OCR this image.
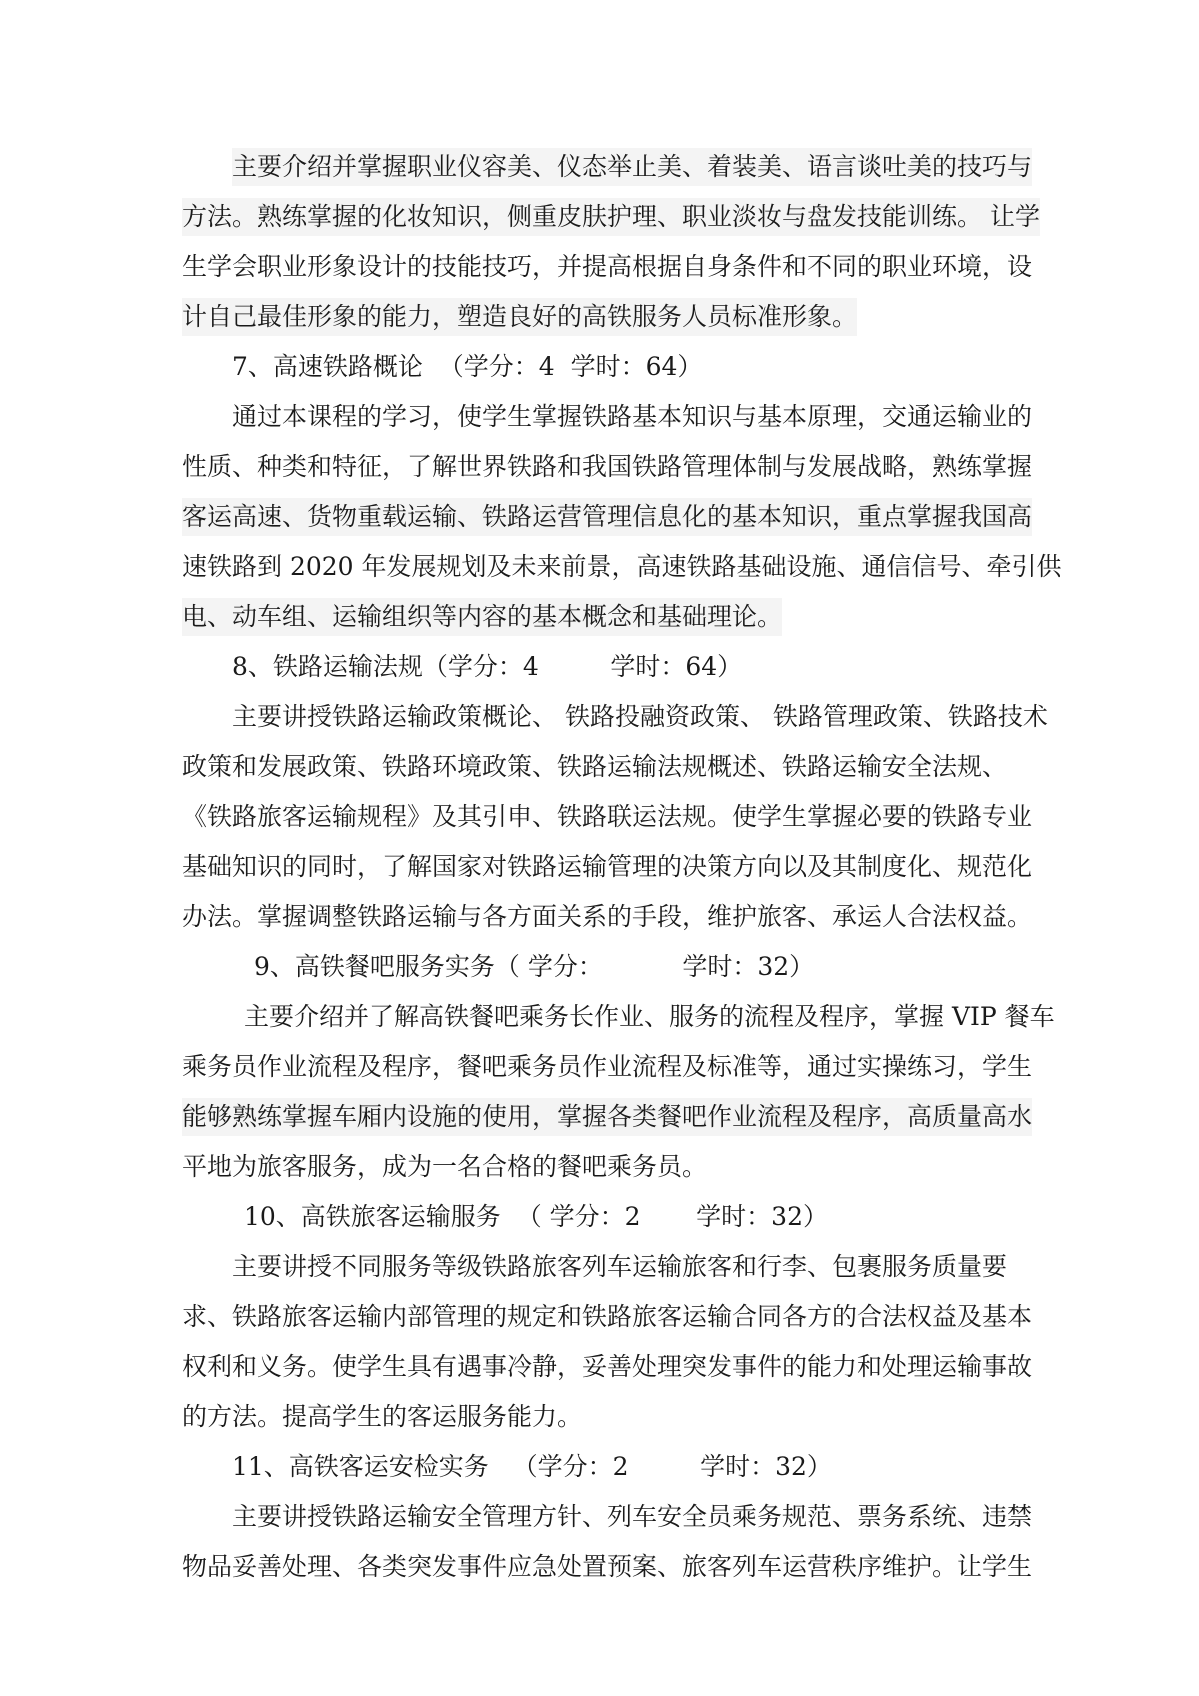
主要介绍并掌握职业仪容美、仪态举止美、着装美、语言谈吐美的技巧与
方法。熟练掌握的化妆知识，侧重皮肤护理、职业淡妆与盘发技能训练。 让学
生学会职业形象设计的技能技巧，并提高根据自身条件和不同的职业环境，设
计自己最佳形象的能力，塑造良好的高铁服务人员标准形象。
7、高速铁路概论  （学分：4  学时：64）
通过本课程的学习，使学生掌握铁路基本知识与基本原理，交通运输业的
性质、种类和特征，了解世界铁路和我国铁路管理体制与发展战略，熟练掌握
客运高速、货物重载运输、铁路运营管理信息化的基本知识，重点掌握我国高
速铁路到 2020 年发展规划及未来前景，高速铁路基础设施、通信信号、牵引供
电、动车组、运输组织等内容的基本概念和基础理论。
8、铁路运输法规（学分：4         学时：64）
主要讲授铁路运输政策概论、 铁路投融资政策、 铁路管理政策、铁路技术
政策和发展政策、铁路环境政策、铁路运输法规概述、铁路运输安全法规、
《铁路旅客运输规程》及其引申、铁路联运法规。使学生掌握必要的铁路专业
基础知识的同时，了解国家对铁路运输管理的决策方向以及其制度化、规范化
办法。掌握调整铁路运输与各方面关系的手段，维护旅客、承运人合法权益。
9、高铁餐吧服务实务（ 学分：          学时：32）
主要介绍并了解高铁餐吧乘务长作业、服务的流程及程序，掌握 VIP 餐车
乘务员作业流程及程序，餐吧乘务员作业流程及标准等，通过实操练习，学生
能够熟练掌握车厢内设施的使用，掌握各类餐吧作业流程及程序，高质量高水
平地为旅客服务，成为一名合格的餐吧乘务员。
10、高铁旅客运输服务  （ 学分：2       学时：32）
主要讲授不同服务等级铁路旅客列车运输旅客和行李、包裹服务质量要
求、铁路旅客运输内部管理的规定和铁路旅客运输合同各方的合法权益及基本
权利和义务。使学生具有遇事冷静，妥善处理突发事件的能力和处理运输事故
的方法。提高学生的客运服务能力。
11、高铁客运安检实务   （学分：2         学时：32）
主要讲授铁路运输安全管理方针、列车安全员乘务规范、票务系统、违禁
物品妥善处理、各类突发事件应急处置预案、旅客列车运营秩序维护。让学生
